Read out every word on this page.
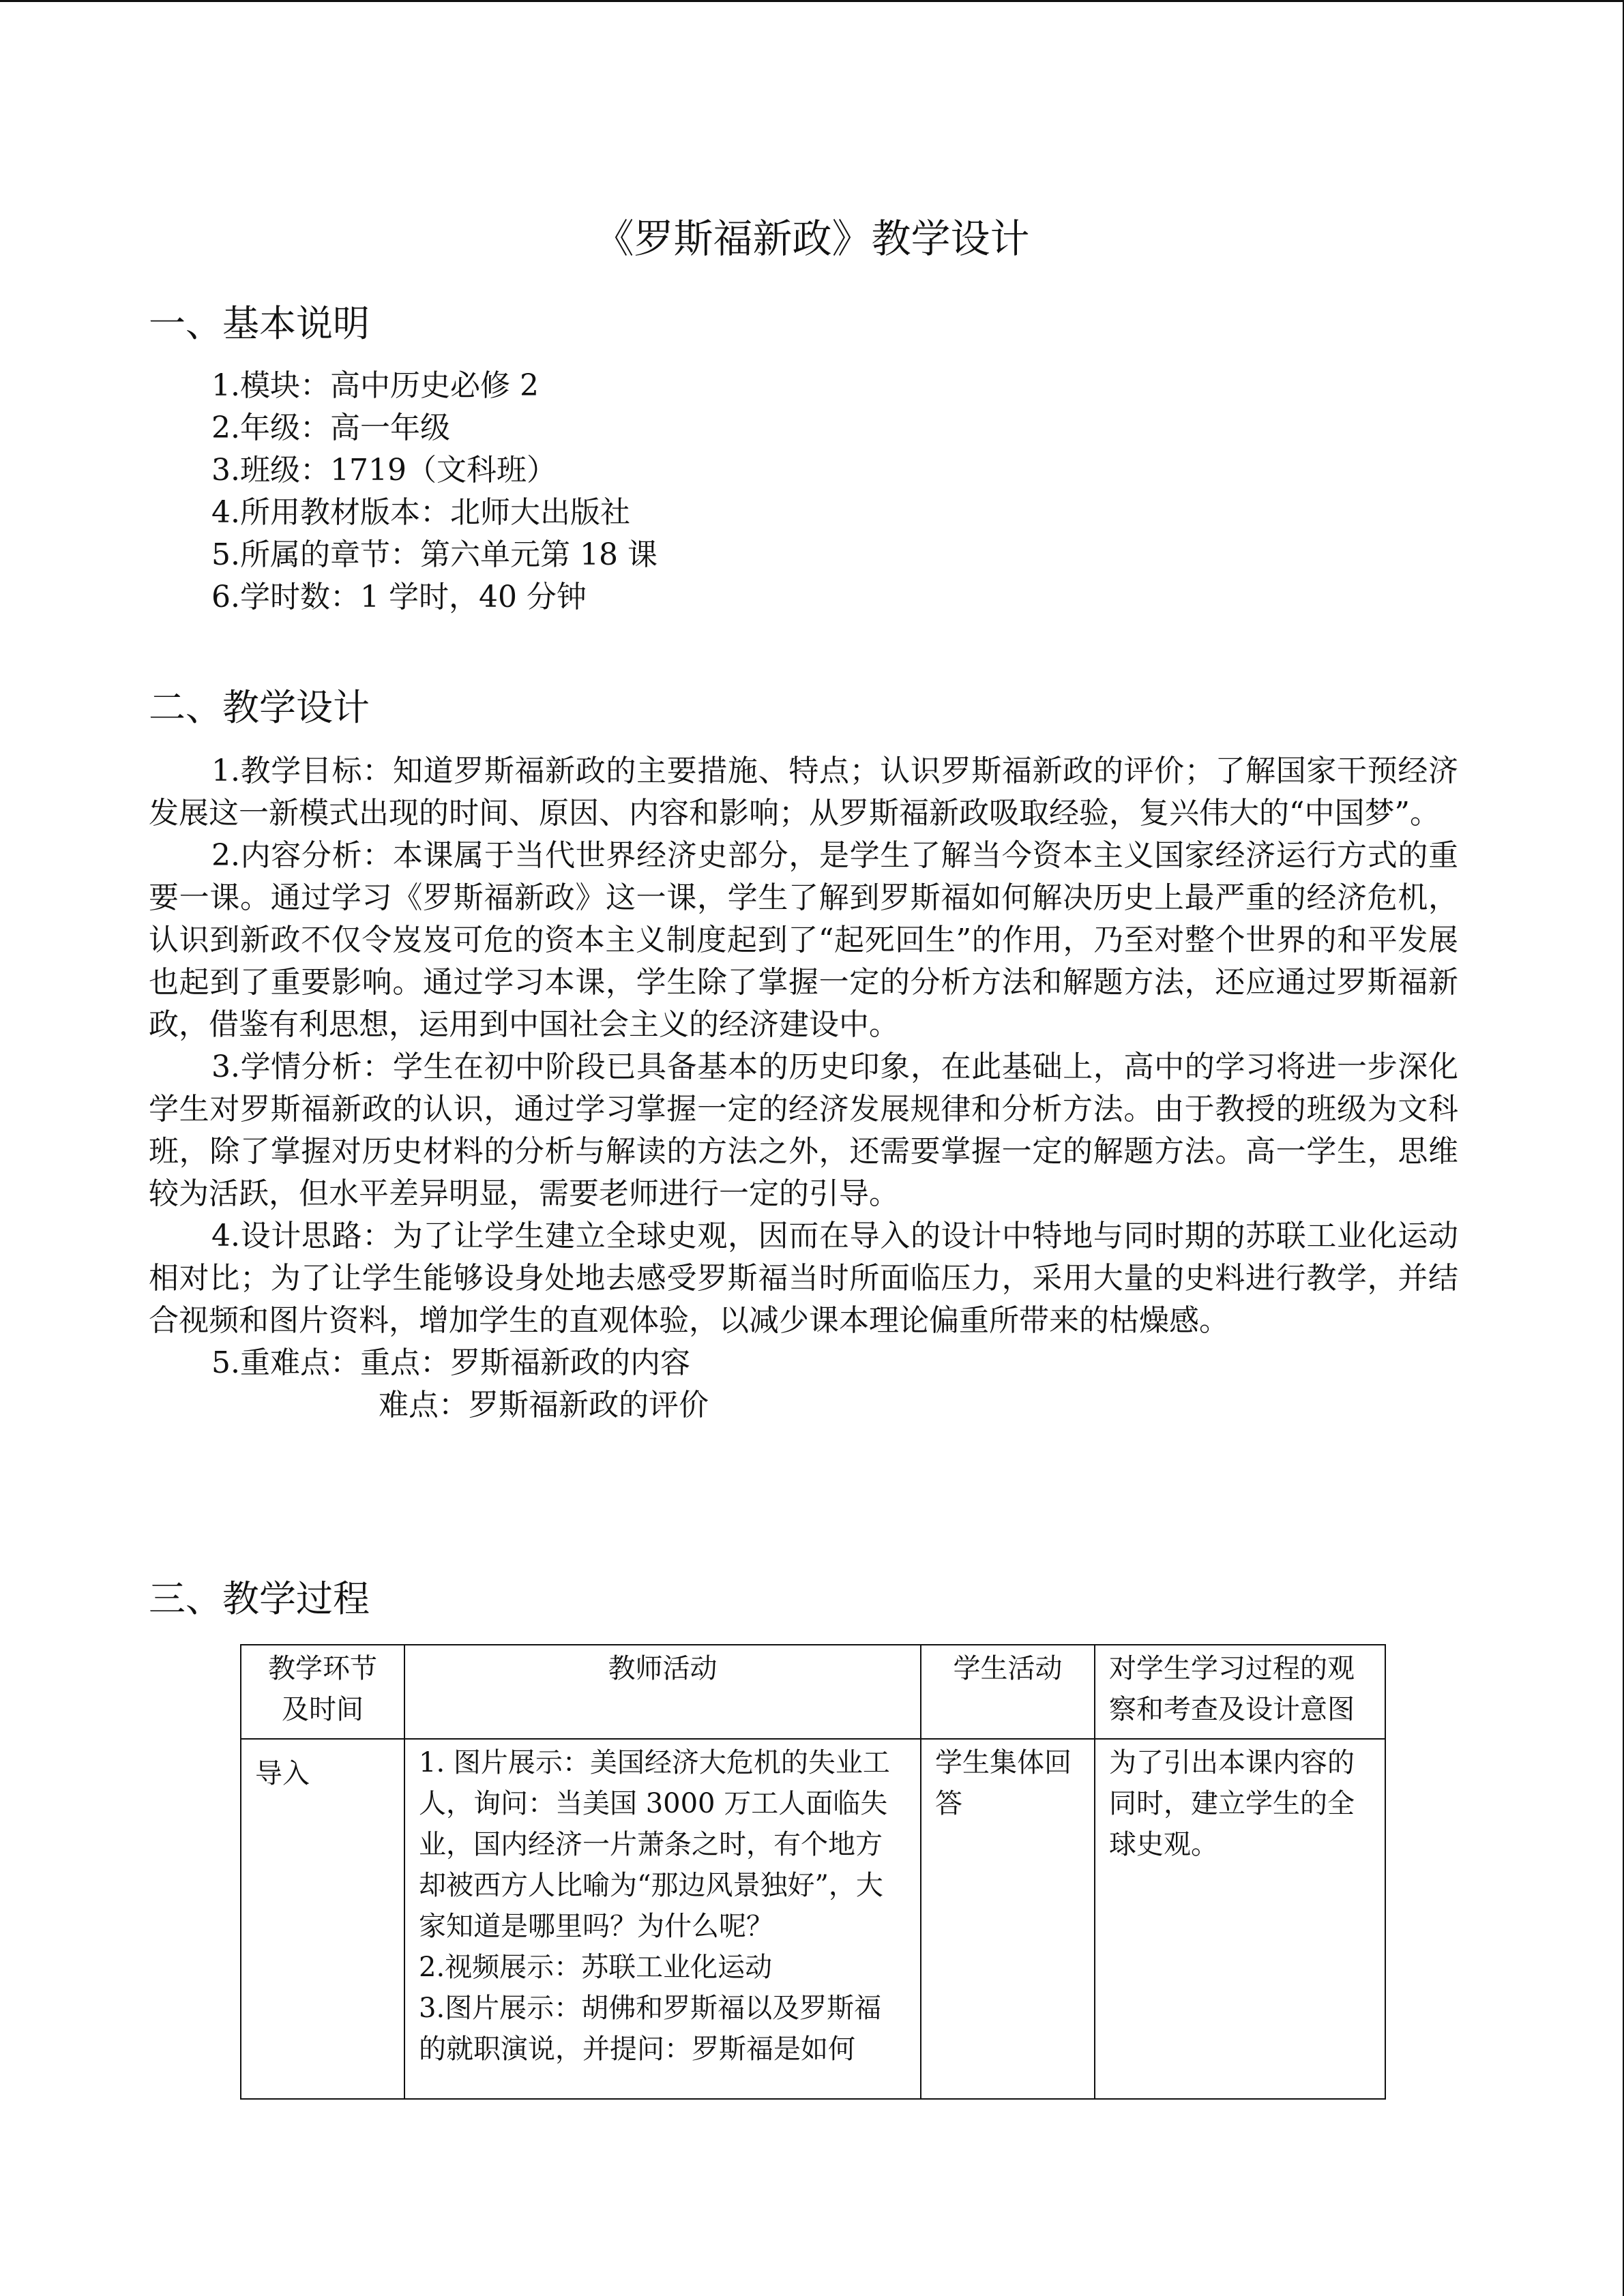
《罗斯福新政》教学设计
一、基本说明
1.模块：高中历史必修 2
2.年级：高一年级
3.班级：1719（文科班）
4.所用教材版本：北师大出版社
5.所属的章节：第六单元第 18 课
6.学时数：1 学时，40 分钟
二、教学设计

1.教学目标：知道罗斯福新政的主要措施、特点；认识罗斯福新政的评价；了解国家干预经济发展这一新模式出现的时间、原因、内容和影响；从罗斯福新政吸取经验，复兴伟大的“中国梦”。

2.内容分析：本课属于当代世界经济史部分，是学生了解当今资本主义国家经济运行方式的重要一课。通过学习《罗斯福新政》这一课，学生了解到罗斯福如何解决历史上最严重的经济危机，认识到新政不仅令岌岌可危的资本主义制度起到了“起死回生”的作用，乃至对整个世界的和平发展也起到了重要影响。通过学习本课，学生除了掌握一定的分析方法和解题方法，还应通过罗斯福新政，借鉴有利思想，运用到中国社会主义的经济建设中。

3.学情分析：学生在初中阶段已具备基本的历史印象，在此基础上，高中的学习将进一步深化学生对罗斯福新政的认识，通过学习掌握一定的经济发展规律和分析方法。由于教授的班级为文科班，除了掌握对历史材料的分析与解读的方法之外，还需要掌握一定的解题方法。高一学生，思维较为活跃，但水平差异明显，需要老师进行一定的引导。

4.设计思路：为了让学生建立全球史观，因而在导入的设计中特地与同时期的苏联工业化运动相对比；为了让学生能够设身处地去感受罗斯福当时所面临压力，采用大量的史料进行教学，并结合视频和图片资料，增加学生的直观体验，以减少课本理论偏重所带来的枯燥感。

5.重难点：重点：罗斯福新政的内容
难点：罗斯福新政的评价
三、教学过程
教学环节及时间	教师活动	学生活动	对学生学习过程的观察和考查及设计意图
导入	1. 图片展示：美国经济大危机的失业工人，询问：当美国 3000 万工人面临失业，国内经济一片萧条之时，有个地方却被西方人比喻为“那边风景独好”，大家知道是哪里吗？为什么呢？
2.视频展示：苏联工业化运动
3.图片展示：胡佛和罗斯福以及罗斯福的就职演说，并提问：罗斯福是如何	学生集体回答	为了引出本课内容的同时，建立学生的全球史观。
